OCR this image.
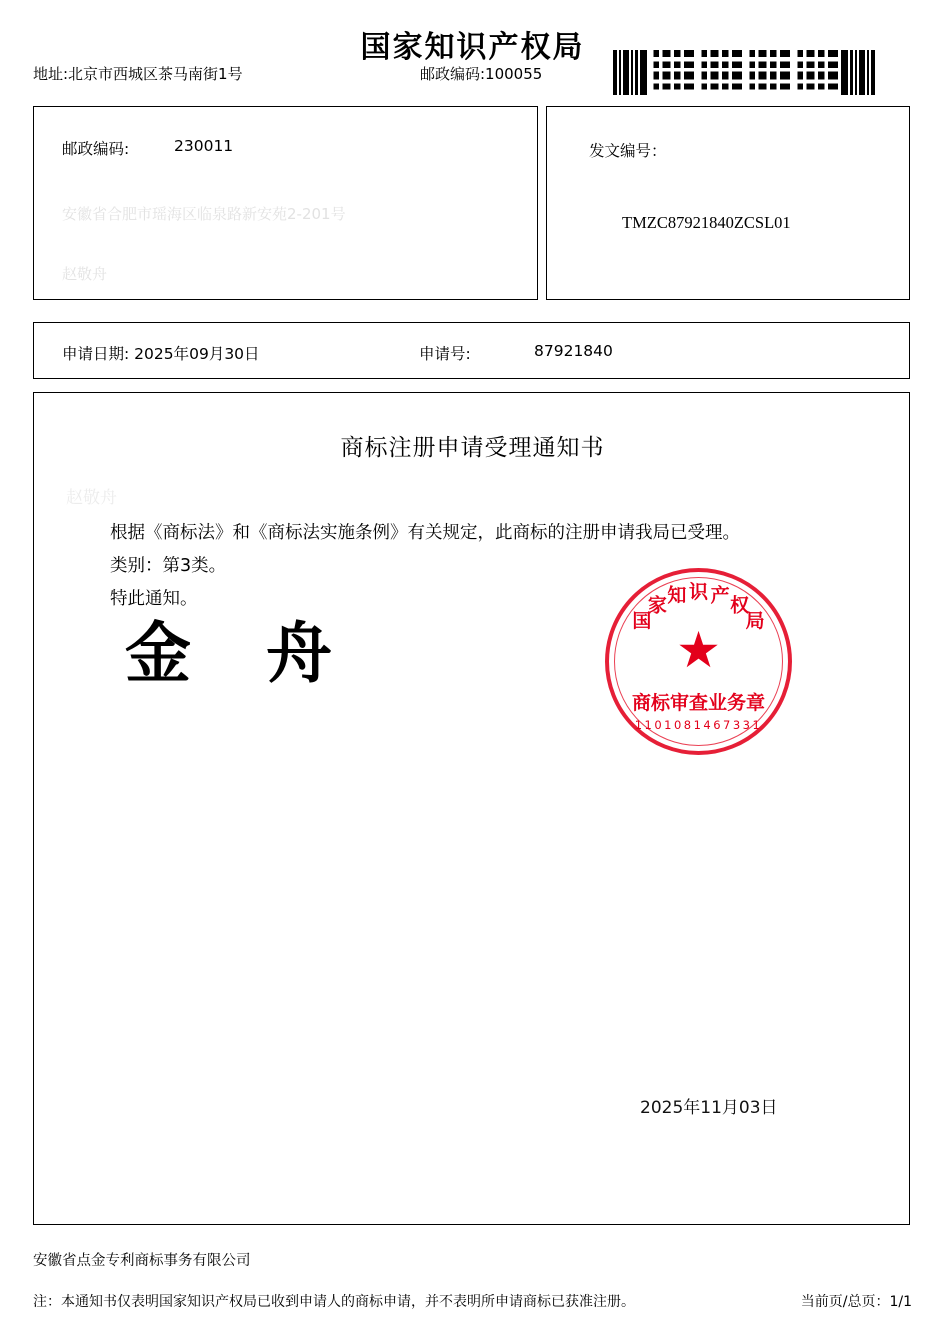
国家知识产权局
地址:北京市西城区茶马南街1号	邮政编码:100055
邮政编码:	230011
安徽省合肥市瑶海区临泉路新安苑2-201号
赵敬舟
发文编号：
TMZC87921840ZCSL01
申请日期: 2025年09月30日	申请号:	87921840
商标注册申请受理通知书
赵敬舟
根据《商标法》和《商标法实施条例》有关规定，此商标的注册申请我局已受理。
类别：第3类。
特此通知。
金 舟	国
家 知 识 产 权
局
★
商标审查业务章
1101081467331
2025年11月03日
安徽省点金专利商标事务有限公司
注：本通知书仅表明国家知识产权局已收到申请人的商标申请，并不表明所申请商标已获准注册。	当前页/总页：1/1
